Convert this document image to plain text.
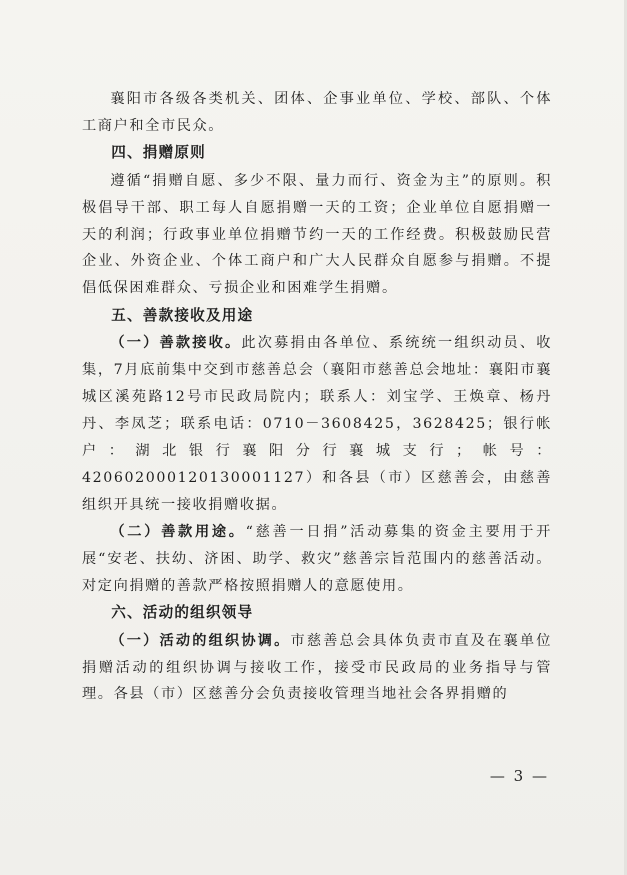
襄阳市各级各类机关、团体、企事业单位、学校、部队、个体工商户和全市民众。

四、捐赠原则

遵循“捐赠自愿、多少不限、量力而行、资金为主”的原则。积极倡导干部、职工每人自愿捐赠一天的工资；企业单位自愿捐赠一天的利润；行政事业单位捐赠节约一天的工作经费。积极鼓励民营企业、外资企业、个体工商户和广大人民群众自愿参与捐赠。不提倡低保困难群众、亏损企业和困难学生捐赠。

五、善款接收及用途

（一）善款接收。此次募捐由各单位、系统统一组织动员、收集，7月底前集中交到市慈善总会（襄阳市慈善总会地址：襄阳市襄城区溪苑路12号市民政局院内；联系人：刘宝学、王焕章、杨丹丹、李凤芝；联系电话：0710－3608425，3628425；银行帐户：湖北银行襄阳分行襄城支行；帐号：420602000120130001127）和各县（市）区慈善会，由慈善组织开具统一接收捐赠收据。

（二）善款用途。“慈善一日捐”活动募集的资金主要用于开展“安老、扶幼、济困、助学、救灾”慈善宗旨范围内的慈善活动。对定向捐赠的善款严格按照捐赠人的意愿使用。

六、活动的组织领导

（一）活动的组织协调。市慈善总会具体负责市直及在襄单位捐赠活动的组织协调与接收工作，接受市民政局的业务指导与管理。各县（市）区慈善分会负责接收管理当地社会各界捐赠的

— 3 —
